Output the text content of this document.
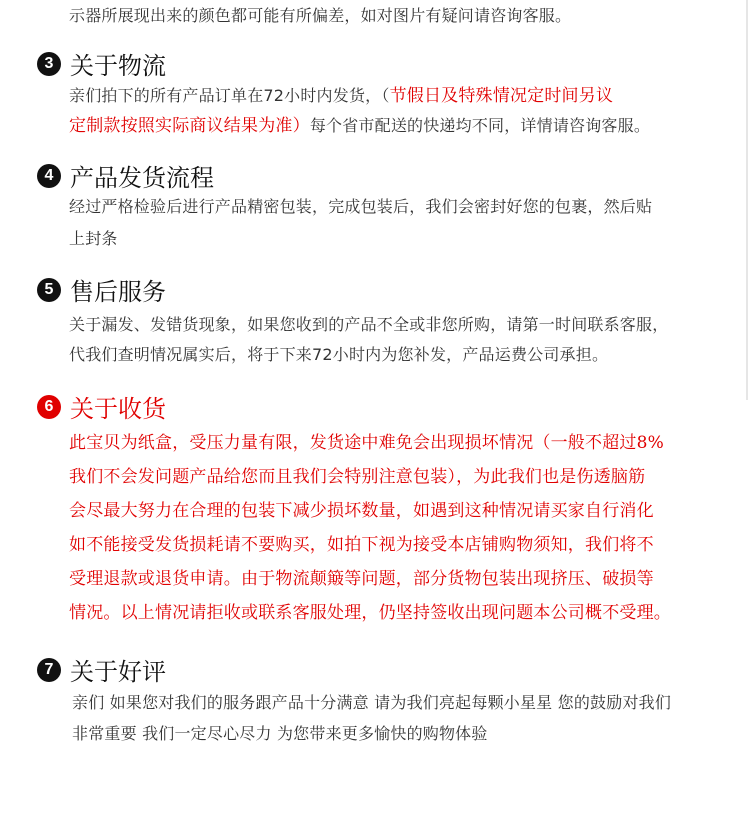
示器所展现出来的颜色都可能有所偏差，如对图片有疑问请咨询客服。
3 关于物流
亲们拍下的所有产品订单在72小时内发货，（节假日及特殊情况定时间另议
定制款按照实际商议结果为准）每个省市配送的快递均不同，详情请咨询客服。
4 产品发货流程
经过严格检验后进行产品精密包装，完成包装后，我们会密封好您的包裹，然后贴
上封条
5 售后服务
关于漏发、发错货现象，如果您收到的产品不全或非您所购，请第一时间联系客服，
代我们查明情况属实后，将于下来72小时内为您补发，产品运费公司承担。
6 关于收货
此宝贝为纸盒，受压力量有限，发货途中难免会出现损坏情况（一般不超过8%
我们不会发问题产品给您而且我们会特别注意包装），为此我们也是伤透脑筋
会尽最大努力在合理的包装下减少损坏数量，如遇到这种情况请买家自行消化
如不能接受发货损耗请不要购买，如拍下视为接受本店铺购物须知，我们将不
受理退款或退货申请。由于物流颠簸等问题，部分货物包装出现挤压、破损等
情况。以上情况请拒收或联系客服处理，仍坚持签收出现问题本公司概不受理。
7 关于好评
亲们 如果您对我们的服务跟产品十分满意 请为我们亮起每颗小星星 您的鼓励对我们
非常重要 我们一定尽心尽力 为您带来更多愉快的购物体验
